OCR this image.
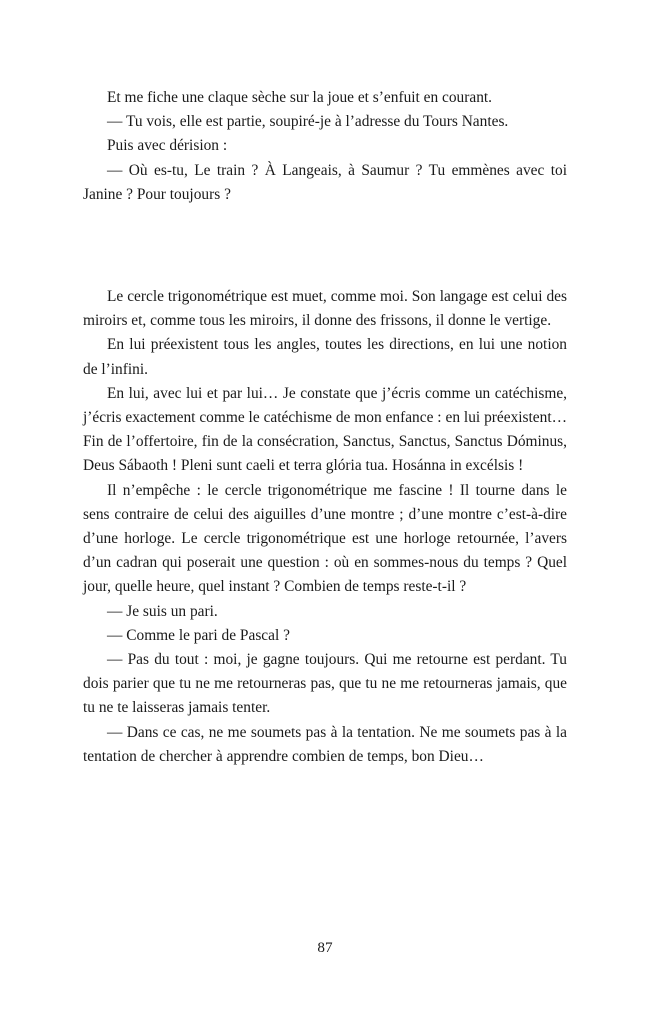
Et me fiche une claque sèche sur la joue et s’enfuit en courant.

— Tu vois, elle est partie, soupiré-je à l’adresse du Tours Nantes.

Puis avec dérision :

— Où es-tu, Le train ? À Langeais, à Saumur ? Tu emmènes avec toi Janine ? Pour toujours ?

Le cercle trigonométrique est muet, comme moi. Son langage est celui des miroirs et, comme tous les miroirs, il donne des frissons, il donne le vertige.

En lui préexistent tous les angles, toutes les directions, en lui une notion de l’infini.

En lui, avec lui et par lui… Je constate que j’écris comme un catéchisme, j’écris exactement comme le catéchisme de mon enfance : en lui préexistent… Fin de l’offertoire, fin de la consécration, Sanctus, Sanctus, Sanctus Dóminus, Deus Sábaoth ! Pleni sunt caeli et terra glória tua. Hosánna in excélsis !

Il n’empêche : le cercle trigonométrique me fascine ! Il tourne dans le sens contraire de celui des aiguilles d’une montre ; d’une montre c’est-à-dire d’une horloge. Le cercle trigonométrique est une horloge retournée, l’avers d’un cadran qui poserait une question : où en sommes-nous du temps ? Quel jour, quelle heure, quel instant ? Combien de temps reste-t-il ?

— Je suis un pari.

— Comme le pari de Pascal ?

— Pas du tout : moi, je gagne toujours. Qui me retourne est perdant. Tu dois parier que tu ne me retourneras pas, que tu ne me retourneras jamais, que tu ne te laisseras jamais tenter.

— Dans ce cas, ne me soumets pas à la tentation. Ne me soumets pas à la tentation de chercher à apprendre combien de temps, bon Dieu…

87
